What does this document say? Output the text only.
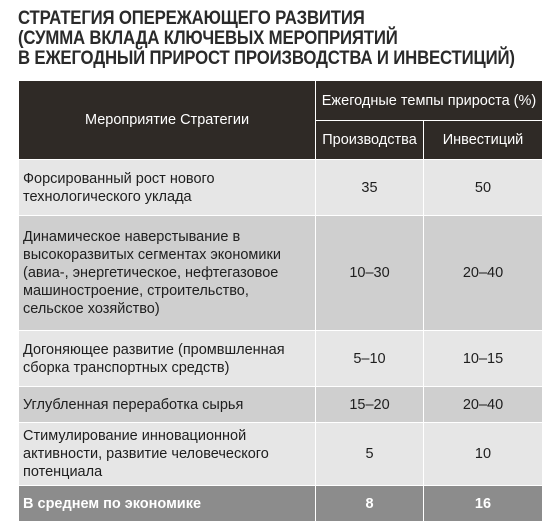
СТРАТЕГИЯ ОПЕРЕЖАЮЩЕГО РАЗВИТИЯ
(СУММА ВКЛАДА КЛЮЧЕВЫХ МЕРОПРИЯТИЙ
В ЕЖЕГОДНЫЙ ПРИРОСТ ПРОИЗВОДСТВА И ИНВЕСТИЦИЙ)
Мероприятие Стратегии	Ежегодные темпы прироста (%)	
	Производства	Инвестиций

Форсированный рост нового технологического уклада	35	50

Динамическое наверстывание в высокоразвитых сегментах экономики (авиа-, энергетическое, нефтегазовое машиностроение, строительство, сельское хозяйство)	10–30	20–40

Догоняющее развитие (промвшленная сборка транспортных средств)	5–10	10–15

Углубленная переработка сырья	15–20	20–40

Стимулирование инновационной активности, развитие человеческого потенциала	5	10
В среднем по экономике	8	16
